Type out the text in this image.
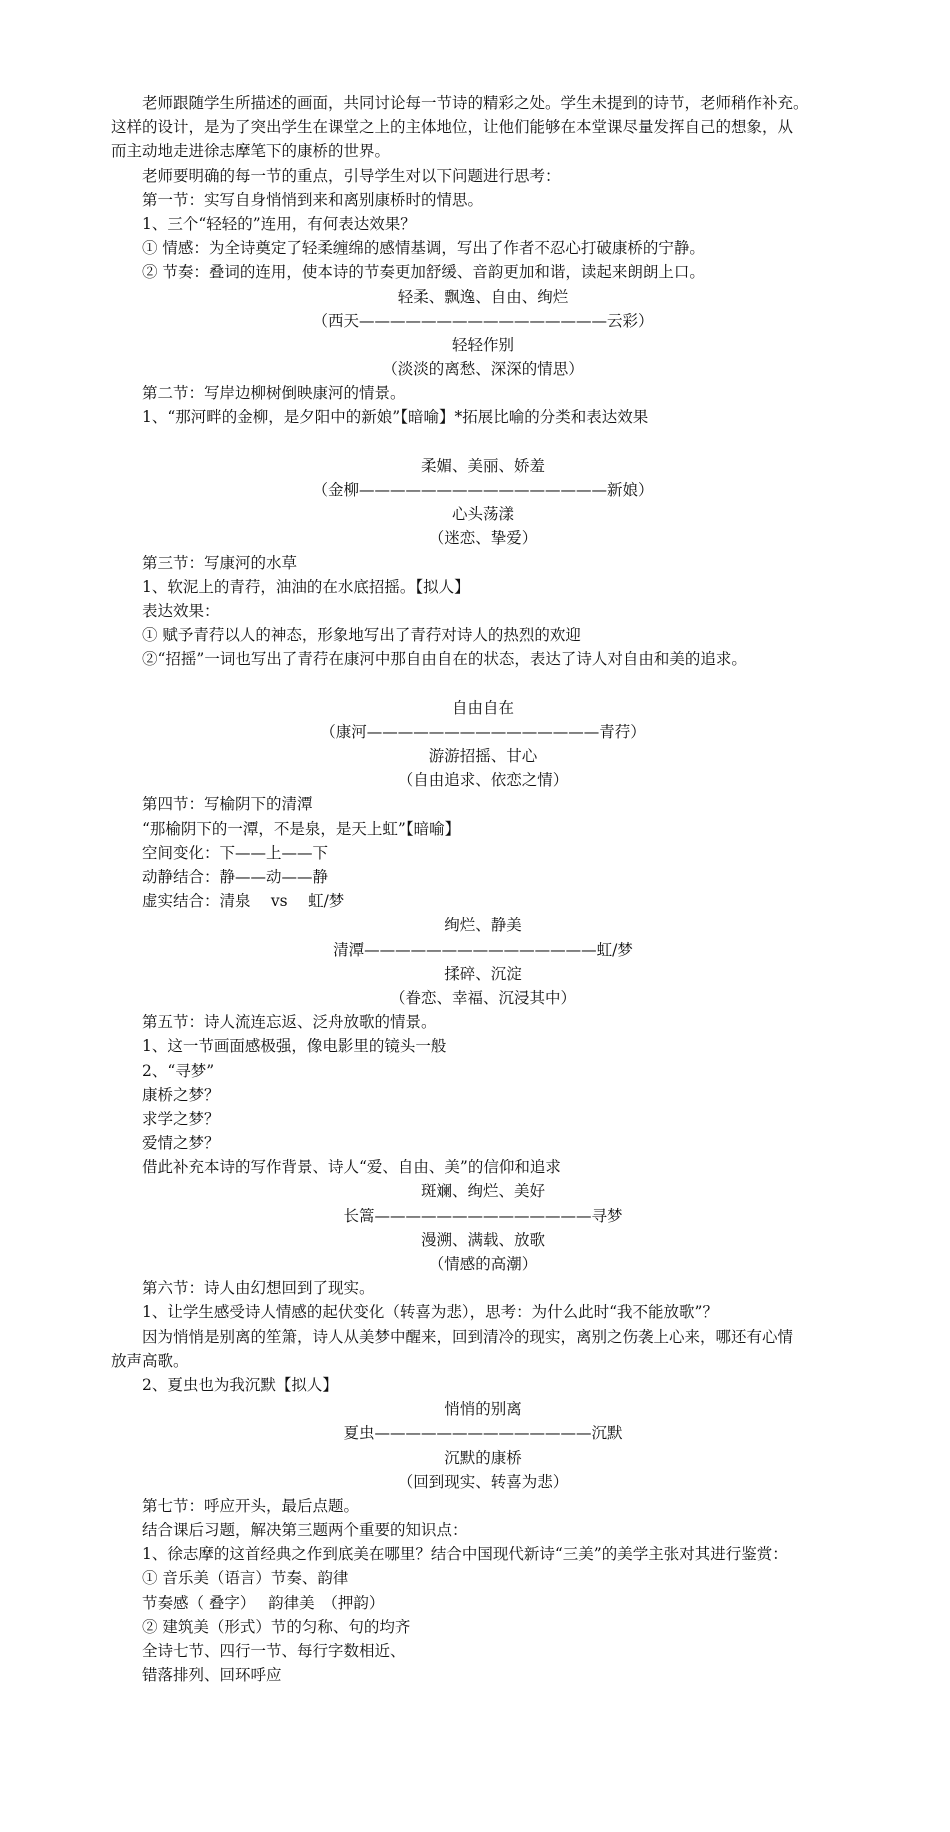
老师跟随学生所描述的画面，共同讨论每一节诗的精彩之处。学生未提到的诗节，老师稍作补充。
这样的设计，是为了突出学生在课堂之上的主体地位，让他们能够在本堂课尽量发挥自己的想象，从
而主动地走进徐志摩笔下的康桥的世界。
老师要明确的每一节的重点，引导学生对以下问题进行思考：
第一节：实写自身悄悄到来和离别康桥时的情思。
1、三个“轻轻的”连用，有何表达效果？
① 情感：为全诗奠定了轻柔缠绵的感情基调，写出了作者不忍心打破康桥的宁静。
② 节奏：叠词的连用，使本诗的节奏更加舒缓、音韵更加和谐，读起来朗朗上口。
轻柔、飘逸、自由、绚烂
（西天————————————————云彩）
轻轻作别
（淡淡的离愁、深深的情思）
第二节：写岸边柳树倒映康河的情景。
1、“那河畔的金柳，是夕阳中的新娘”【暗喻】*拓展比喻的分类和表达效果
柔媚、美丽、娇羞
（金柳————————————————新娘）
心头荡漾
（迷恋、挚爱）
第三节：写康河的水草
1、软泥上的青荇，油油的在水底招摇。【拟人】
表达效果：
① 赋予青荇以人的神态，形象地写出了青荇对诗人的热烈的欢迎
②“招摇”一词也写出了青荇在康河中那自由自在的状态，表达了诗人对自由和美的追求。
自由自在
（康河———————————————青荇）
游游招摇、甘心
（自由追求、依恋之情）
第四节：写榆阴下的清潭
“那榆阴下的一潭，不是泉，是天上虹”【暗喻】
空间变化：下——上——下
动静结合：静——动——静
虚实结合：清泉　 vs　 虹/梦
绚烂、静美
清潭———————————————虹/梦
揉碎、沉淀
（眷恋、幸福、沉浸其中）
第五节：诗人流连忘返、泛舟放歌的情景。
1、这一节画面感极强，像电影里的镜头一般
2、“寻梦”
康桥之梦？
求学之梦？
爱情之梦？
借此补充本诗的写作背景、诗人“爱、自由、美”的信仰和追求
斑斓、绚烂、美好
长篙——————————————寻梦
漫溯、满载、放歌
（情感的高潮）
第六节：诗人由幻想回到了现实。
1、让学生感受诗人情感的起伏变化（转喜为悲），思考：为什么此时“我不能放歌”？
因为悄悄是别离的笙箫，诗人从美梦中醒来，回到清冷的现实，离别之伤袭上心来，哪还有心情
放声高歌。
2、夏虫也为我沉默【拟人】
悄悄的别离
夏虫——————————————沉默
沉默的康桥
（回到现实、转喜为悲）
第七节：呼应开头，最后点题。
结合课后习题，解决第三题两个重要的知识点：
1、徐志摩的这首经典之作到底美在哪里？结合中国现代新诗“三美”的美学主张对其进行鉴赏：
① 音乐美（语言）节奏、韵律
节奏感（ 叠字）　 韵律美　（押韵）
② 建筑美（形式）节的匀称、句的均齐
全诗七节、四行一节、每行字数相近、
错落排列、回环呼应
